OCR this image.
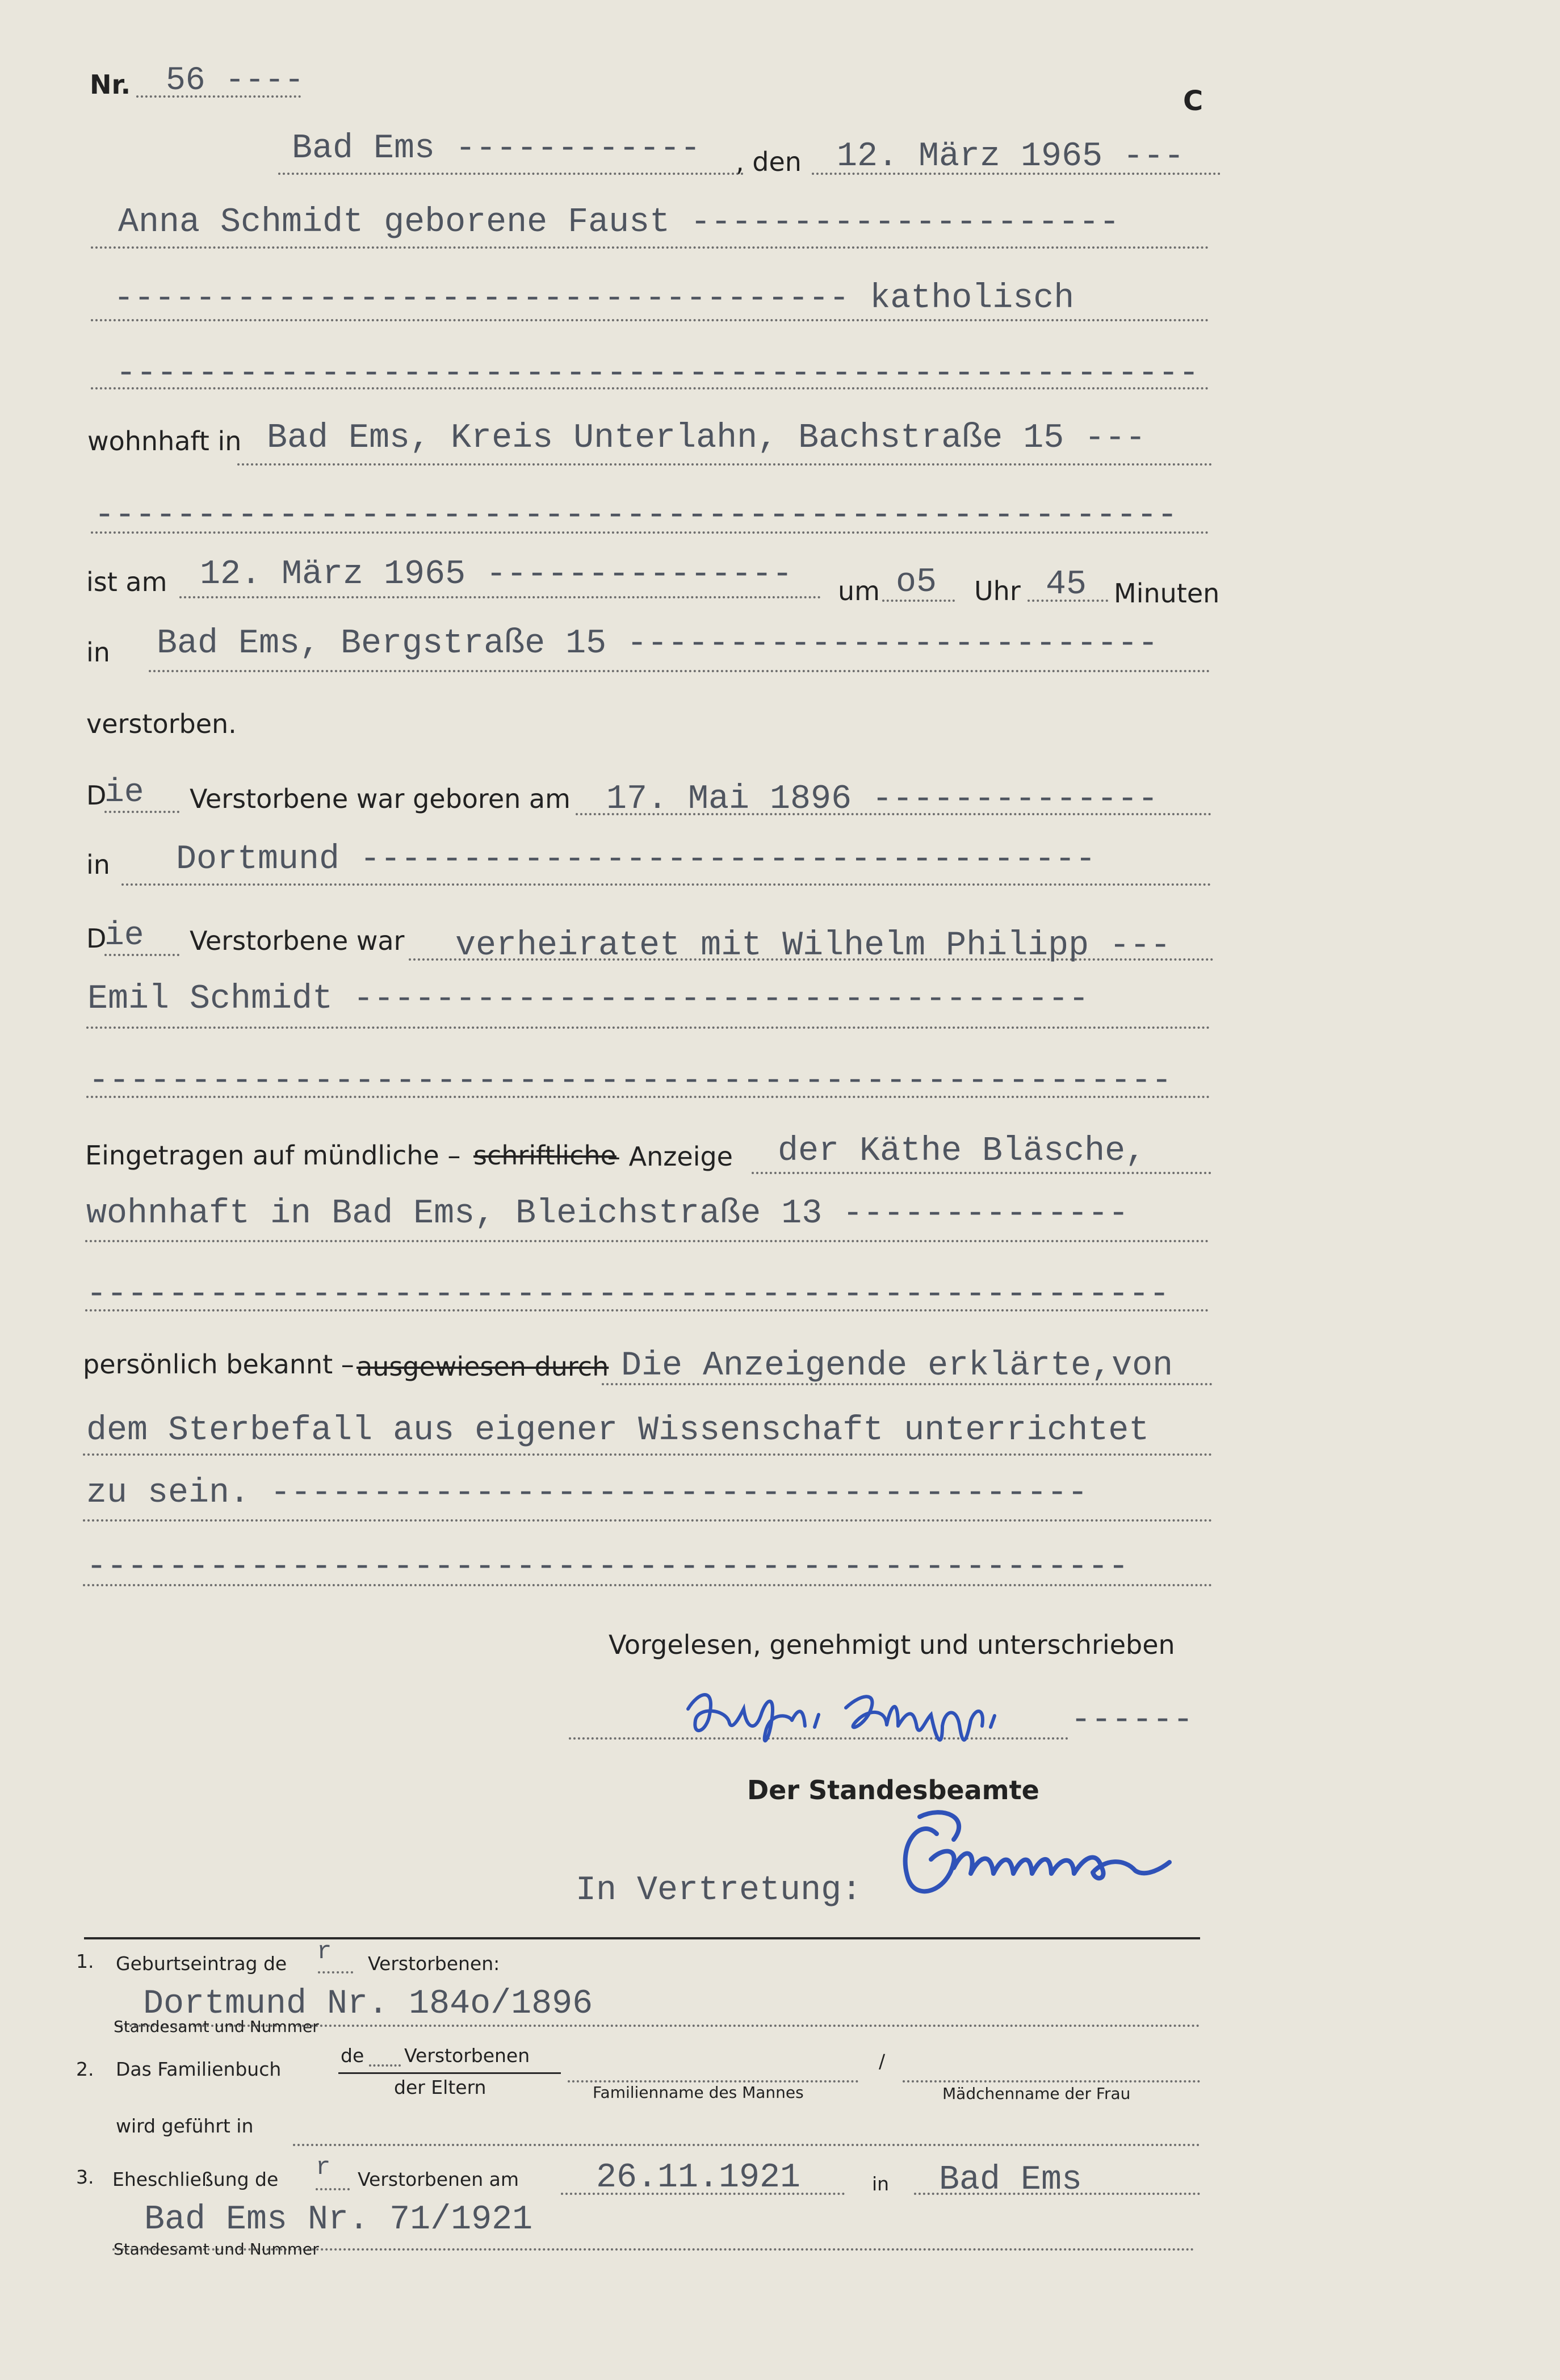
Nr. 56 ----
C
Bad Ems ------------ , den 12. März 1965 ---
Anna Schmidt geborene Faust ---------------------
------------------------------------ katholisch
-----------------------------------------------------
wohnhaft in Bad Ems, Kreis Unterlahn, Bachstraße 15 ---
-----------------------------------------------------
ist am 12. März 1965 --------------- um o5 Uhr 45 Minuten
in Bad Ems, Bergstraße 15 --------------------------
verstorben.
D
ie Verstorbene war geboren am 17. Mai 1896 --------------
in Dortmund ------------------------------------
D
ie Verstorbene war verheiratet mit Wilhelm Philipp ---
Emil Schmidt ------------------------------------
-----------------------------------------------------
Eingetragen auf mündliche – schriftliche
– Anzeige der Käthe Bläsche,
wohnhaft in Bad Ems, Bleichstraße 13 --------------
-----------------------------------------------------
persönlich bekannt – ausgewiesen durch Die Anzeigende erklärte,von
dem Sterbefall aus eigener Wissenschaft unterrichtet
zu sein. ----------------------------------------
---------------------------------------------------
Vorgelesen, genehmigt und unterschrieben
------
Der Standesbeamte
In Vertretung:
1. Geburtseintrag de r Verstorbenen:
Dortmund Nr. 184o/1896
Standesamt und Nummer
2. Das Familienbuch
de Verstorbenen
der Eltern	Familienname des Mannes
/
Mädchenname der Frau
wird geführt in
3. Eheschließung de r Verstorbenen am 26.11.1921	in Bad Ems
Bad Ems Nr. 71/1921
Standesamt und Nummer
